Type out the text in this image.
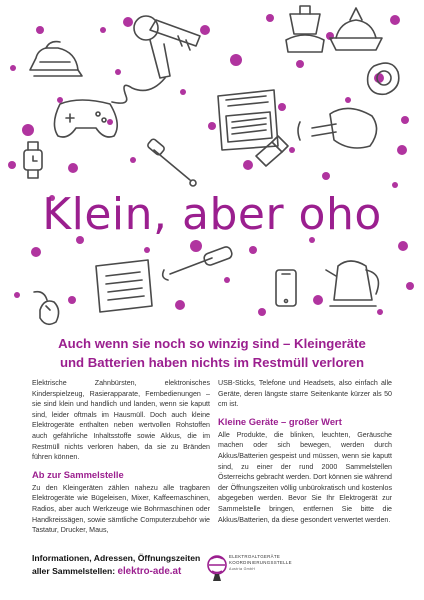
Klein, aber oho
Auch wenn sie noch so winzig sind – Kleingeräte
und Batterien haben nichts im Restmüll verloren

Elektrische Zahnbürsten, elektronisches Kinderspielzeug, Rasierapparate, Fernbedienungen – sie sind klein und handlich und landen, wenn sie kaputt sind, leider oftmals im Hausmüll. Doch auch kleine Elektrogeräte enthalten neben wertvollen Rohstoffen auch gefährliche Inhaltsstoffe sowie Akkus, die im Restmüll nichts verloren haben, da sie zu Bränden führen können.

Ab zur Sammelstelle

Zu den Kleingeräten zählen nahezu alle tragbaren Elektrogeräte wie Bügeleisen, Mixer, Kaffeemaschinen, Radios, aber auch Werkzeuge wie Bohrmaschinen oder Handkreissägen, sowie sämtliche Computerzubehör wie Tastatur, Drucker, Maus,

USB-Sticks, Telefone und Headsets, also einfach alle Geräte, deren längste starre Seitenkante kürzer als 50 cm ist.

Kleine Geräte – großer Wert

Alle Produkte, die blinken, leuchten, Geräusche machen oder sich bewegen, werden durch Akkus/Batterien gespeist und müssen, wenn sie kaputt sind, zu einer der rund 2000 Sammelstellen Österreichs gebracht werden. Dort können sie während der Öffnungszeiten völlig unbürokratisch und kostenlos abgegeben werden. Bevor Sie Ihr Elektrogerät zur Sammelstelle bringen, entfernen Sie bitte die Akkus/Batterien, da diese gesondert verwertet werden.

Informationen, Adressen, Öffnungszeiten
aller Sammelstellen: elektro-ade.at
ELEKTROALTGERÄTE
KOORDINIERUNGSSTELLE
Austria GmbH
